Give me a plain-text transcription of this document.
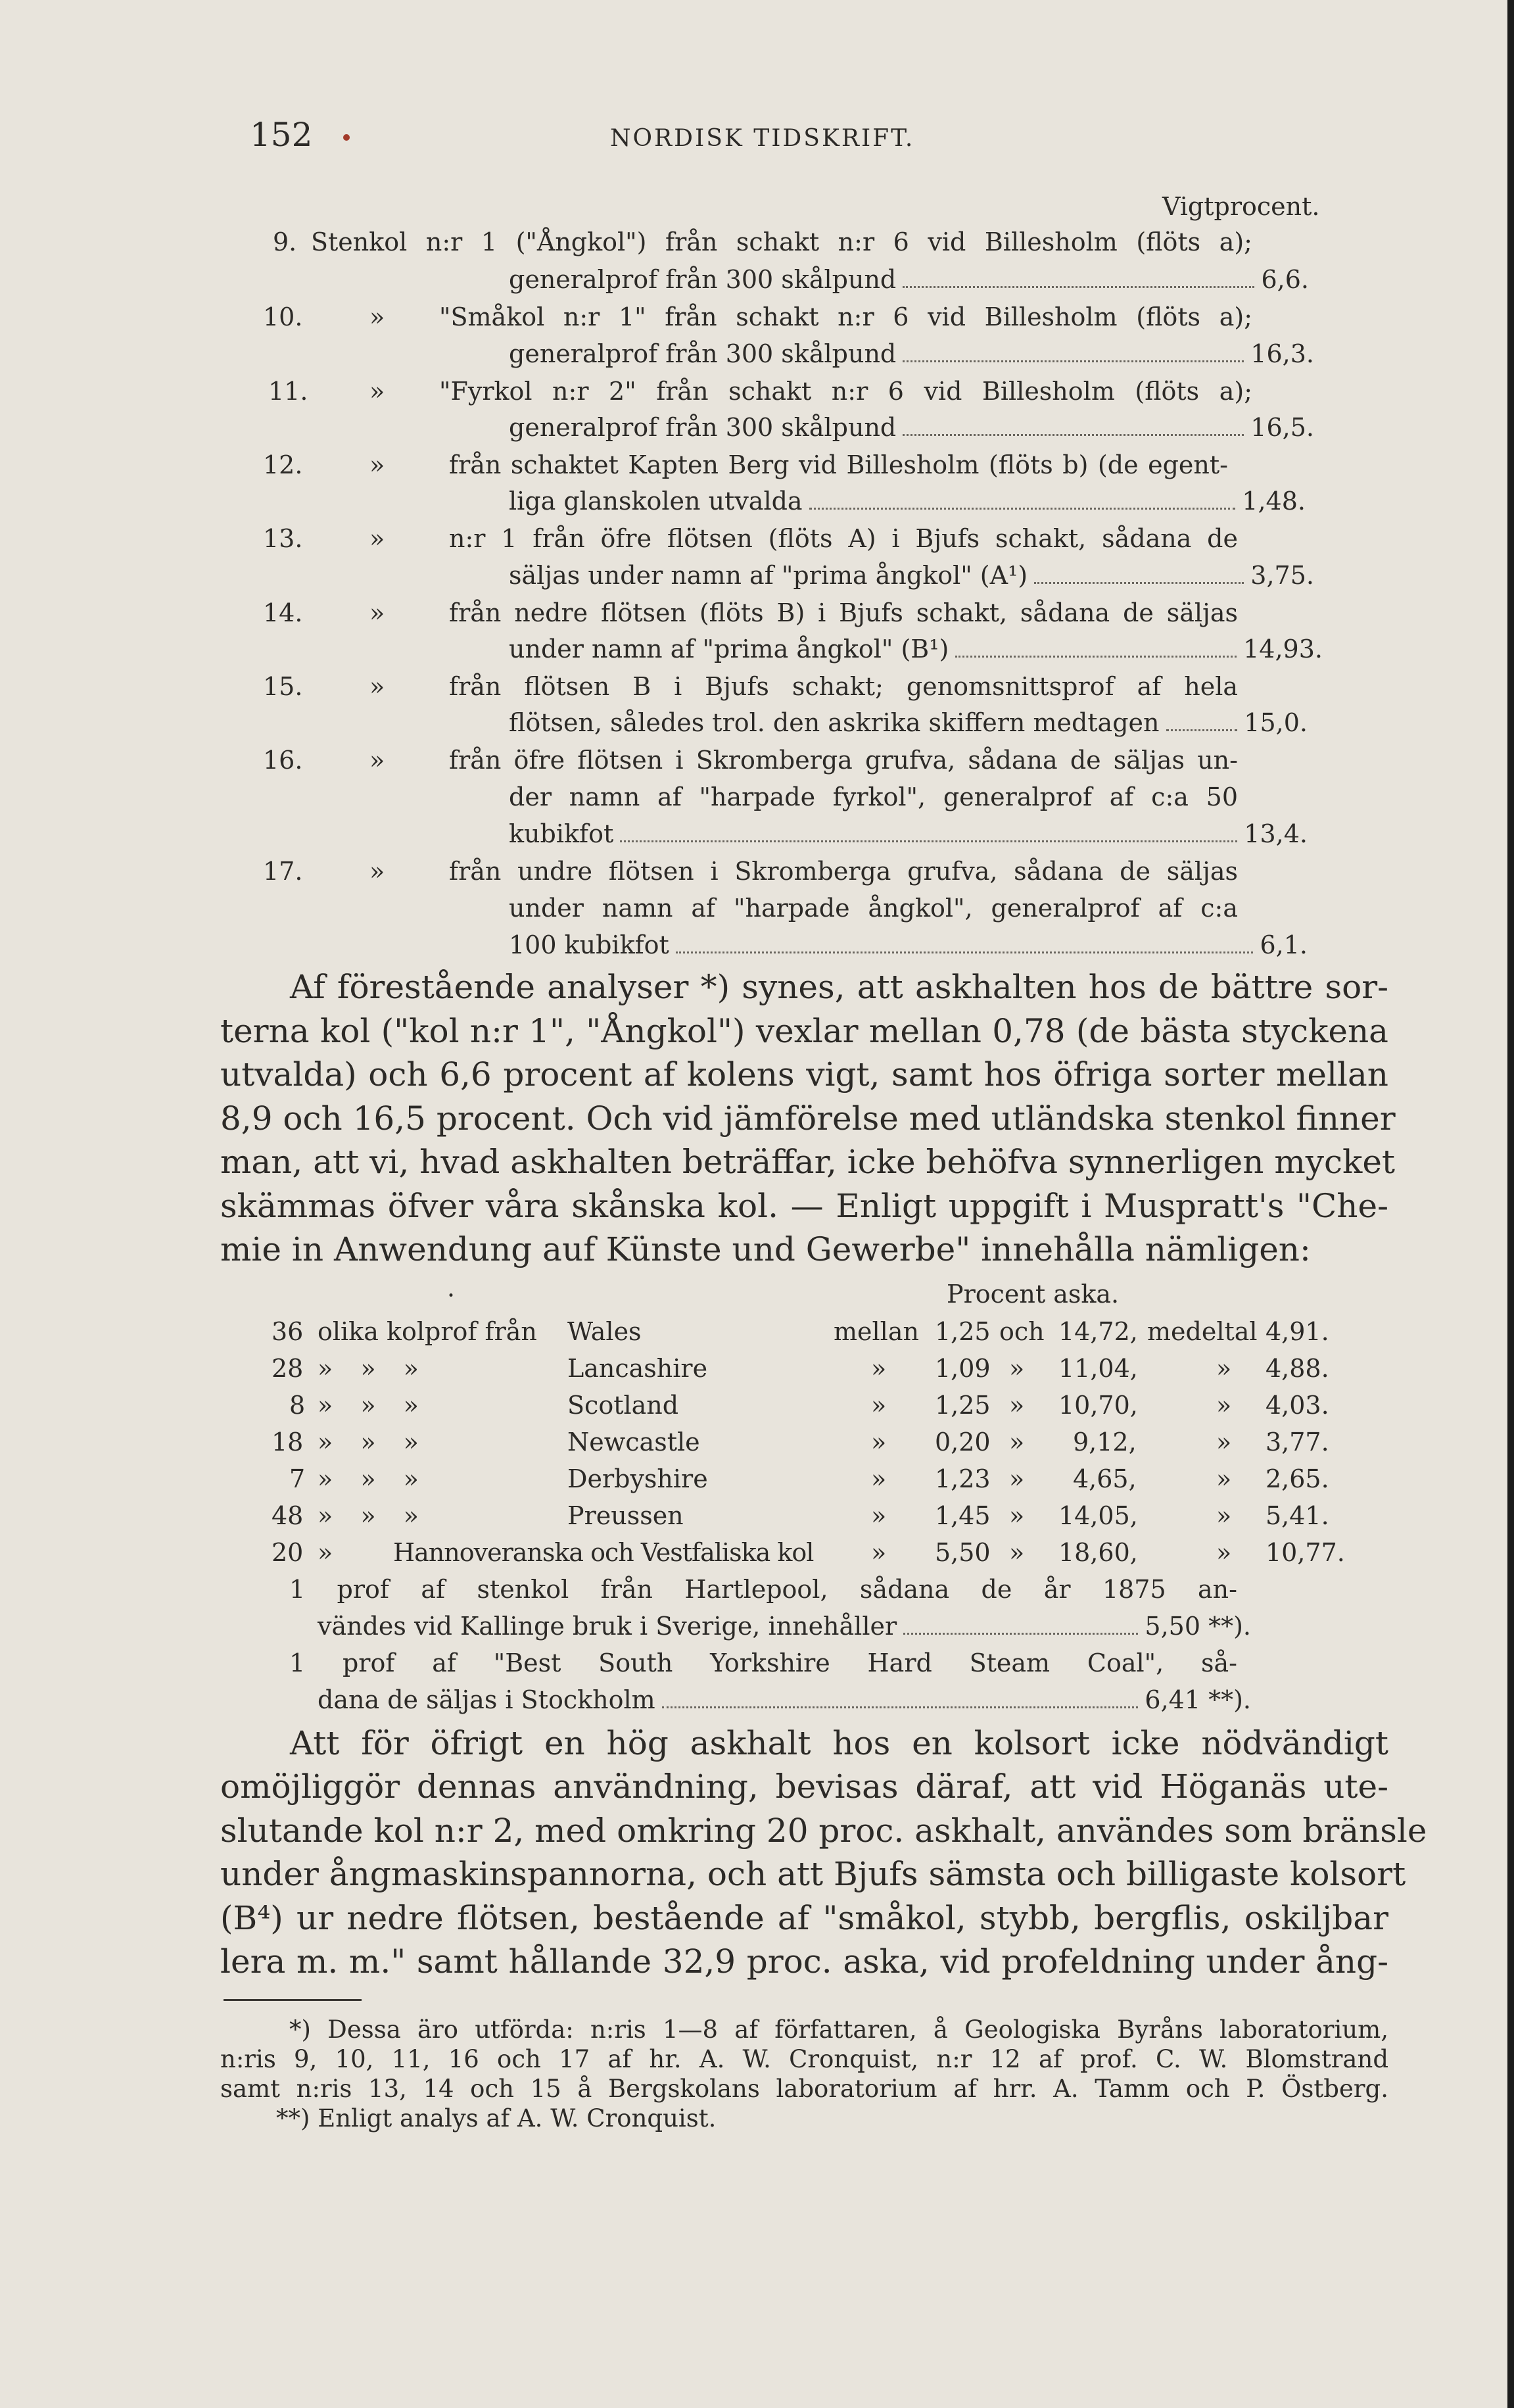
152	NORDISK TIDSKRIFT.
Vigtprocent.
9. Stenkol n:r 1 ("Ångkol") från schakt n:r 6 vid Billesholm (flöts a);
generalprof från 300 skålpund	6,6.
10.	» "Småkol n:r 1" från schakt n:r 6 vid Billesholm (flöts a);
generalprof från 300 skålpund	16,3.
11. » "Fyrkol n:r 2" från schakt n:r 6 vid Billesholm (flöts a);
generalprof från 300 skålpund	16,5.
12.	»	från schaktet Kapten Berg vid Billesholm (flöts b) (de egent-
liga glanskolen utvalda	1,48.
13.	»	n:r 1 från öfre flötsen (flöts A) i Bjufs schakt, sådana de
säljas under namn af "prima ångkol" (A¹)	3,75.
14.	»	från nedre flötsen (flöts B) i Bjufs schakt, sådana de säljas
under namn af "prima ångkol" (B¹)	14,93.
15.	»	från flötsen B i Bjufs schakt; genomsnittsprof af hela
flötsen, således trol. den askrika skiffern medtagen	15,0.
16.	»	från öfre flötsen i Skromberga grufva, sådana de säljas un-
der namn af "harpade fyrkol", generalprof af c:a 50
kubikfot	13,4.
17.	»	från undre flötsen i Skromberga grufva, sådana de säljas
under namn af "harpade ångkol", generalprof af c:a
100 kubikfot	6,1.
Af förestående analyser *) synes, att askhalten hos de bättre sor-
terna kol ("kol n:r 1", "Ångkol") vexlar mellan 0,78 (de bästa styckena
utvalda) och 6,6 procent af kolens vigt, samt hos öfriga sorter mellan
8,9 och 16,5 procent. Och vid jämförelse med utländska stenkol finner
man, att vi, hvad askhalten beträffar, icke behöfva synnerligen mycket
skämmas öfver våra skånska kol. — Enligt uppgift i Muspratt's "Che-
mie in Anwendung auf Künste und Gewerbe" innehålla nämligen:
Procent aska.
·
36 olika kolprof från Wales	mellan 1,25 och 14,72, medeltal 4,91.
28 » » »	Lancashire	» 1,09 » 11,04,	» 4,88.
8 » » »	Scotland	» 1,25 » 10,70,	» 4,03.
18 » » »	Newcastle	» 0,20 » 9,12,	» 3,77.
7 » » »	Derbyshire	» 1,23 » 4,65,	» 2,65.
48 » » »	Preussen	» 1,45 » 14,05,	» 5,41.
20 » Hannoveranska och Vestfaliska kol » 5,50 » 18,60,	» 10,77.
1 prof af stenkol från Hartlepool, sådana de år 1875 an-
vändes vid Kallinge bruk i Sverige, innehåller	5,50 **).
1 prof af "Best South Yorkshire Hard Steam Coal", så-
dana de säljas i Stockholm	6,41 **).
Att för öfrigt en hög askhalt hos en kolsort icke nödvändigt
omöjliggör dennas användning, bevisas däraf, att vid Höganäs ute-
slutande kol n:r 2, med omkring 20 proc. askhalt, användes som bränsle
under ångmaskinspannorna, och att Bjufs sämsta och billigaste kolsort
(B⁴) ur nedre flötsen, bestående af "småkol, stybb, bergflis, oskiljbar
lera m. m." samt hållande 32,9 proc. aska, vid profeldning under ång-
*) Dessa äro utförda: n:ris 1—8 af författaren, å Geologiska Byråns laboratorium,
n:ris 9, 10, 11, 16 och 17 af hr. A. W. Cronquist, n:r 12 af prof. C. W. Blomstrand
samt n:ris 13, 14 och 15 å Bergskolans laboratorium af hrr. A. Tamm och P. Östberg.
**) Enligt analys af A. W. Cronquist.
